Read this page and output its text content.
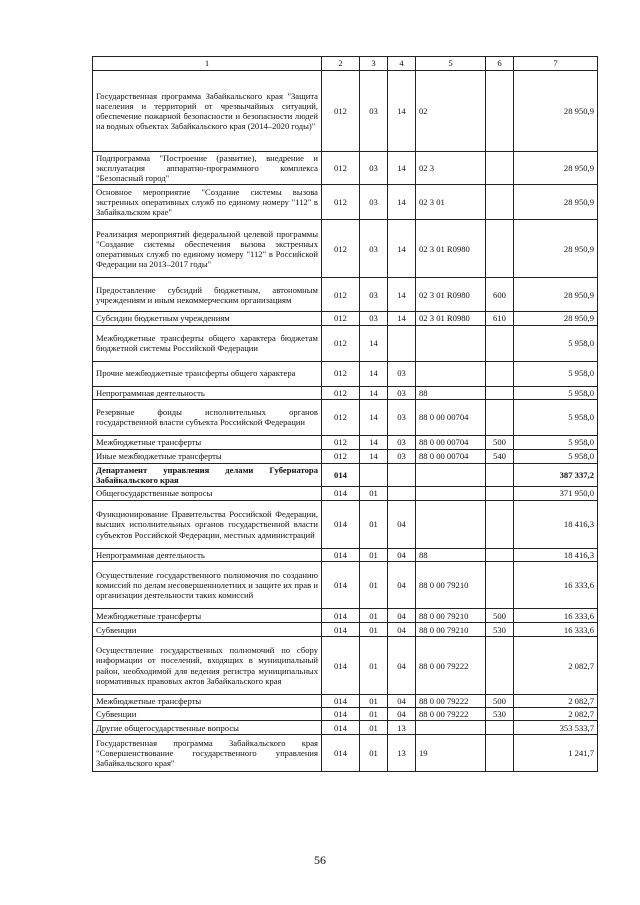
1	2	3	4	5	6	7
Государственная программа Забайкальского края "Защита населения и территорий от чрезвычайных ситуаций, обеспечение пожарной безопасности и безопасности людей на водных объектах Забайкальского края (2014–2020 годы)"	012	03	14	02		28 950,9
Подпрограмма "Построение (развитие), внедрение и эксплуатация аппаратно-программного комплекса "Безопасный город"	012	03	14	02 3		28 950,9
Основное мероприятие "Создание системы вызова экстренных оперативных служб по единому номеру "112" в Забайкальском крае"	012	03	14	02 3 01		28 950,9
Реализация мероприятий федеральной целевой программы "Создание системы обеспечения вызова экстренных оперативных служб по единому номеру "112" в Российской Федерации на 2013–2017 годы"	012	03	14	02 3 01 R0980		28 950,9
Предоставление субсидий бюджетным, автономным учреждениям и иным некоммерческим организациям	012	03	14	02 3 01 R0980	600	28 950,9
Субсидии бюджетным учреждениям	012	03	14	02 3 01 R0980	610	28 950,9
Межбюджетные трансферты общего характера бюджетам бюджетной системы Российской Федерации	012	14				5 958,0
Прочие межбюджетные трансферты общего характера	012	14	03			5 958,0
Непрограммная деятельность	012	14	03	88		5 958,0
Резервные фонды исполнительных органов государственной власти субъекта Российской Федерации	012	14	03	88 0 00 00704		5 958,0
Межбюджетные трансферты	012	14	03	88 0 00 00704	500	5 958,0
Иные межбюджетные трансферты	012	14	03	88 0 00 00704	540	5 958,0
Департамент управления делами Губернатора Забайкальского края	014					387 337,2
Общегосударственные вопросы	014	01				371 950,0
Функционирование Правительства Российской Федерации, высших исполнительных органов государственной власти субъектов Российской Федерации, местных администраций	014	01	04			18 416,3
Непрограммная деятельность	014	01	04	88		18 416,3
Осуществление государственного полномочия по созданию комиссий по делам несовершеннолетних и защите их прав и организации деятельности таких комиссий	014	01	04	88 0 00 79210		16 333,6
Межбюджетные трансферты	014	01	04	88 0 00 79210	500	16 333,6
Субвенции	014	01	04	88 0 00 79210	530	16 333,6
Осуществление государственных полномочий по сбору информации от поселений, входящих в муниципальный район, необходимой для ведения регистра муниципальных нормативных правовых актов Забайкальского края	014	01	04	88 0 00 79222		2 082,7
Межбюджетные трансферты	014	01	04	88 0 00 79222	500	2 082,7
Субвенции	014	01	04	88 0 00 79222	530	2 082,7
Другие общегосударственные вопросы	014	01	13			353 533,7
Государственная программа Забайкальского края "Совершенствование государственного управления Забайкальского края"	014	01	13	19		1 241,7
56
